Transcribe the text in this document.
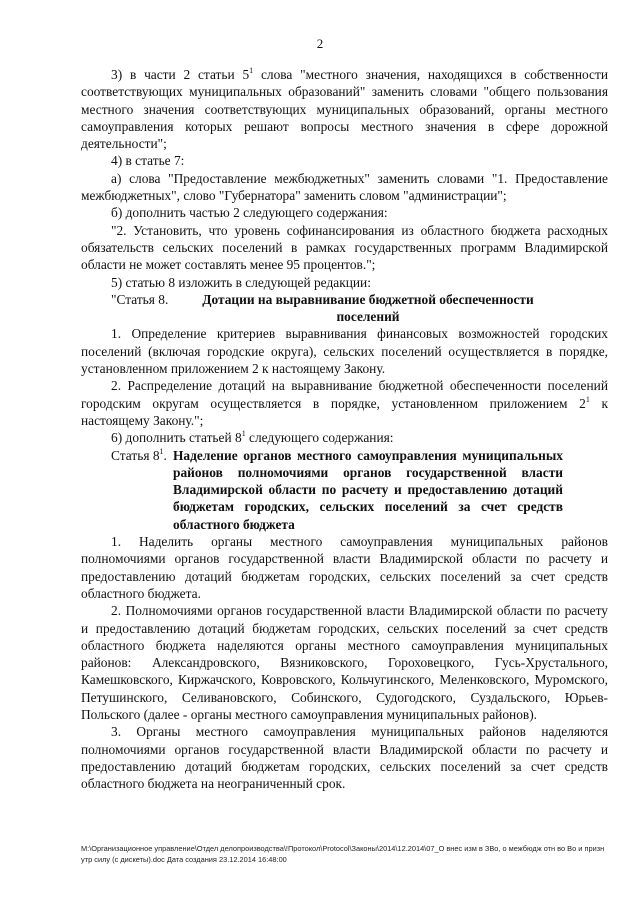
2

3) в части 2 статьи $5^1$ слова "местного значения, находящихся в собственности соответствующих муниципальных образований" заменить словами "общего пользования местного значения соответствующих муниципальных образований, органы местного самоуправления которых решают вопросы местного значения в сфере дорожной деятельности";

4) в статье 7:

а) слова "Предоставление межбюджетных" заменить словами "1. Предоставление межбюджетных", слово "Губернатора" заменить словом "администрации";

б) дополнить частью 2 следующего содержания:

"2. Установить, что уровень софинансирования из областного бюджета расходных обязательств сельских поселений в рамках государственных программ Владимирской области не может составлять менее 95 процентов.";

5) статью 8 изложить в следующей редакции:

"Статья 8.	Дотации на выравнивание бюджетной обеспеченности поселений

1. Определение критериев выравнивания финансовых возможностей городских поселений (включая городские округа), сельских поселений осуществляется в порядке, установленном приложением 2 к настоящему Закону.

2. Распределение дотаций на выравнивание бюджетной обеспеченности поселений городским округам осуществляется в порядке, установленном приложением $2^1$ к настоящему Закону.";

6) дополнить статьей $8^1$ следующего содержания:

Статья $8^1$. Наделение органов местного самоуправления муниципальных районов полномочиями органов государственной власти Владимирской области по расчету и предоставлению дотаций бюджетам городских, сельских поселений за счет средств областного бюджета

1. Наделить органы местного самоуправления муниципальных районов полномочиями органов государственной власти Владимирской области по расчету и предоставлению дотаций бюджетам городских, сельских поселений за счет средств областного бюджета.

2. Полномочиями органов государственной власти Владимирской области по расчету и предоставлению дотаций бюджетам городских, сельских поселений за счет средств областного бюджета наделяются органы местного самоуправления муниципальных районов: Александровского, Вязниковского, Гороховецкого, Гусь-Хрустального, Камешковского, Киржачского, Ковровского, Кольчугинского, Меленковского, Муромского, Петушинского, Селивановского, Собинского, Судогодского, Суздальского, Юрьев-Польского (далее - органы местного самоуправления муниципальных районов).

3. Органы местного самоуправления муниципальных районов наделяются полномочиями органов государственной власти Владимирской области по расчету и предоставлению дотаций бюджетам городских, сельских поселений за счет средств областного бюджета на неограниченный срок.

M:\Организационное управление\Отдел делопроизводства\!Протокол\Protocol\Законы\2014\12.2014\07_О внес изм в ЗВо, о межбюдж отн во Во и призн утр силу (с дискеты).doc Дата создания 23.12.2014 16:48:00
